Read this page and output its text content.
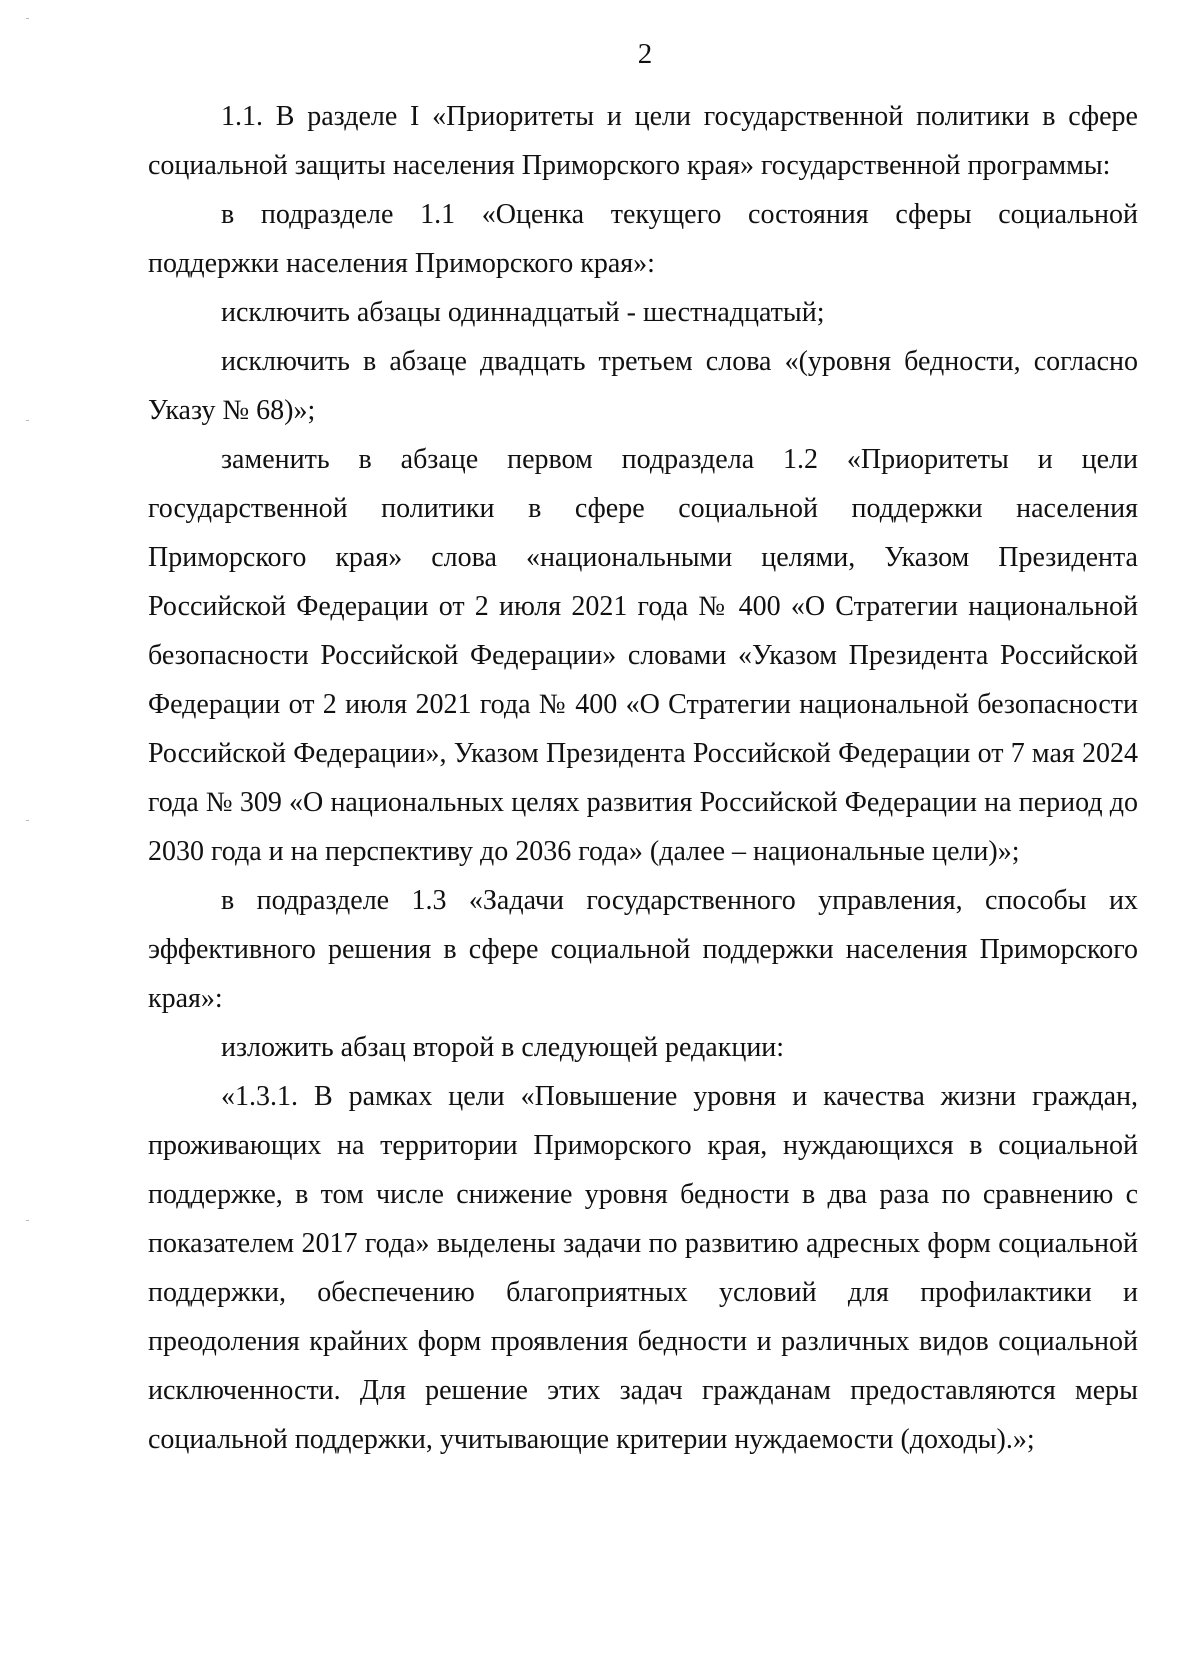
2

1.1. В разделе I «Приоритеты и цели государственной политики в сфере социальной защиты населения Приморского края» государственной программы:

в подразделе 1.1 «Оценка текущего состояния сферы социальной поддержки населения Приморского края»:

исключить абзацы одиннадцатый - шестнадцатый;

исключить в абзаце двадцать третьем слова «(уровня бедности, согласно Указу № 68)»;

заменить в абзаце первом подраздела 1.2 «Приоритеты и цели государственной политики в сфере социальной поддержки населения Приморского края» слова «национальными целями, Указом Президента Российской Федерации от 2 июля 2021 года № 400 «О Стратегии национальной безопасности Российской Федерации» словами «Указом Президента Российской Федерации от 2 июля 2021 года № 400 «О Стратегии национальной безопасности Российской Федерации», Указом Президента Российской Федерации от 7 мая 2024 года № 309 «О национальных целях развития Российской Федерации на период до 2030 года и на перспективу до 2036 года» (далее – национальные цели)»;

в подразделе 1.3 «Задачи государственного управления, способы их эффективного решения в сфере социальной поддержки населения Приморского края»:

изложить абзац второй в следующей редакции:

«1.3.1. В рамках цели «Повышение уровня и качества жизни граждан, проживающих на территории Приморского края, нуждающихся в социальной поддержке, в том числе снижение уровня бедности в два раза по сравнению с показателем 2017 года» выделены задачи по развитию адресных форм социальной поддержки, обеспечению благоприятных условий для профилактики и преодоления крайних форм проявления бедности и различных видов социальной исключенности. Для решение этих задач гражданам предоставляются меры социальной поддержки, учитывающие критерии нуждаемости (доходы).»;
